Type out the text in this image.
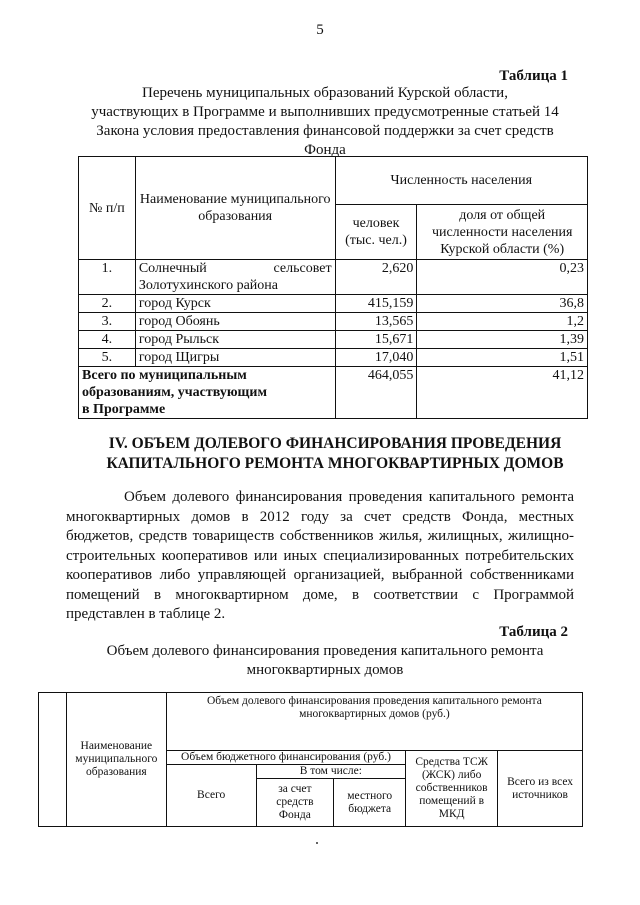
5
Таблица 1
Перечень муниципальных образований Курской области,
участвующих в Программе и выполнивших предусмотренные статьей 14
Закона условия предоставления финансовой поддержки за счет средств
Фонда
№ п/п	Наименование муниципального образования	Численность населения	
		человек (тыс. чел.)	доля от общей численности населения Курской области (%)
1.	Солнечный сельсовет
Золотухинского района	2,620	0,23
2.	город Курск	415,159	36,8
3.	город Обоянь	13,565	1,2
4.	город Рыльск	15,671	1,39
5.	город Щигры	17,040	1,51
Всего по муниципальным образованиям, участвующим в Программе		464,055	41,12
IV. ОБЪЕМ ДОЛЕВОГО ФИНАНСИРОВАНИЯ ПРОВЕДЕНИЯ
КАПИТАЛЬНОГО РЕМОНТА МНОГОКВАРТИРНЫХ ДОМОВ
Объем долевого финансирования проведения капитального ремонта многоквартирных домов в 2012 году за счет средств Фонда, местных бюджетов, средств товариществ собственников жилья, жилищных, жилищно-строительных кооперативов или иных специализированных потребительских кооперативов либо управляющей организацией, выбранной собственниками помещений в многоквартирном доме, в соответствии с Программой представлен в таблице 2.
Таблица 2
Объем долевого финансирования проведения капитального ремонта
многоквартирных домов
	Наименование муниципального образования	Объем долевого финансирования проведения капитального ремонта многоквартирных домов (руб.)				
		Объем бюджетного финансирования (руб.)			Средства ТСЖ (ЖСК) либо собственников помещений в МКД	Всего из всех источников
		Всего	В том числе:			
			за счет средств Фонда	местного бюджета		
